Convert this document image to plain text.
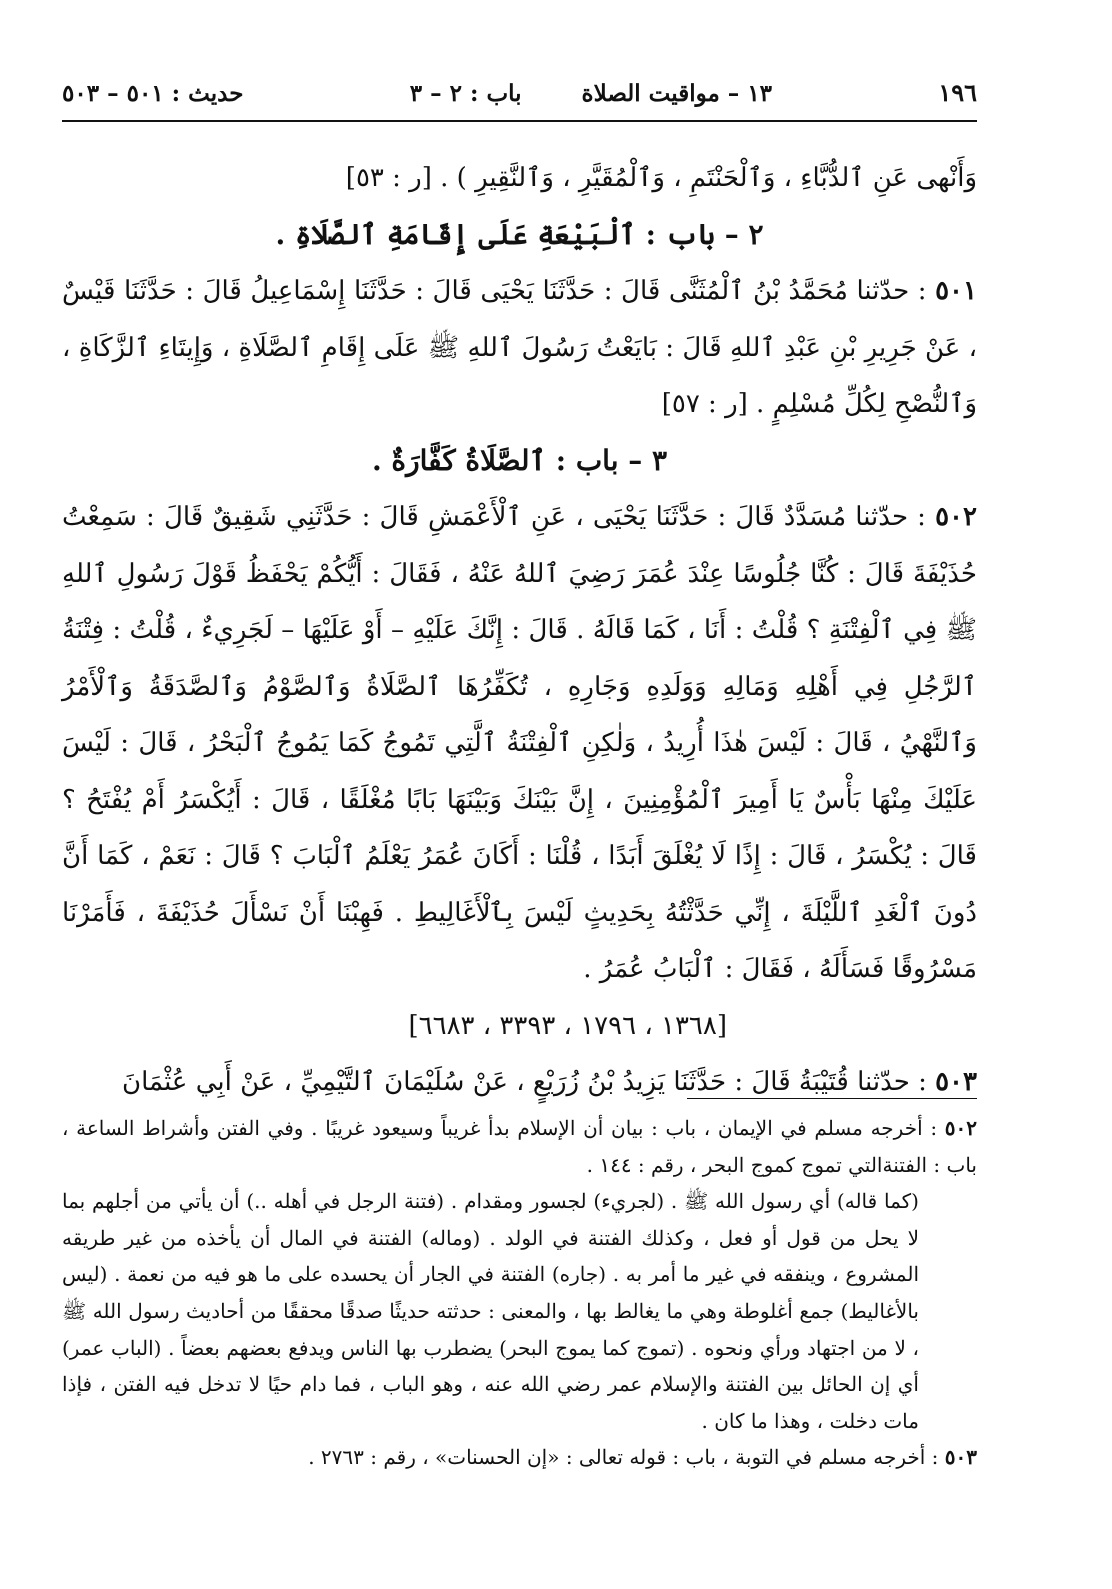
١٩٦
١٣ – مواقيت الصلاة
باب : ٢ – ٣
حديث : ٥٠١ – ٥٠٣

وَأَنْهى عَنِ ٱلدُّبَّاءِ ، وَٱلْحَنْتَمِ ، وَٱلْمُقَيَّرِ ، وَٱلنَّقِيرِ ) . [ر : ٥٣]

٢ – باب : ٱلْبَيْعَةِ عَلَى إِقَامَةِ ٱلصَّلَاةِ .

٥٠١ : حدّثنا مُحَمَّدُ بْنُ ٱلْمُثَنَّى قَالَ : حَدَّثَنَا يَحْيَى قَالَ : حَدَّثَنَا إِسْمَاعِيلُ قَالَ : حَدَّثَنَا قَيْسٌ ، عَنْ جَرِيرِ بْنِ عَبْدِ ٱللهِ قَالَ : بَايَعْتُ رَسُولَ ٱللهِ ﷺ عَلَى إِقَامِ ٱلصَّلَاةِ ، وَإِيتَاءِ ٱلزَّكَاةِ ، وَٱلنُّصْحِ لِكُلِّ مُسْلِمٍ . [ر : ٥٧]

٣ – باب : ٱلصَّلَاةُ كَفَّارَةٌ .

٥٠٢ : حدّثنا مُسَدَّدٌ قَالَ : حَدَّثَنَا يَحْيَى ، عَنِ ٱلْأَعْمَشِ قَالَ : حَدَّثَنِي شَقِيقٌ قَالَ : سَمِعْتُ حُذَيْفَةَ قَالَ : كُنَّا جُلُوسًا عِنْدَ عُمَرَ رَضِيَ ٱللهُ عَنْهُ ، فَقَالَ : أَيُّكُمْ يَحْفَظُ قَوْلَ رَسُولِ ٱللهِ ﷺ فِي ٱلْفِتْنَةِ ؟ قُلْتُ : أَنَا ، كَمَا قَالَهُ . قَالَ : إِنَّكَ عَلَيْهِ – أَوْ عَلَيْهَا – لَجَرِيءٌ ، قُلْتُ : فِتْنَةُ ٱلرَّجُلِ فِي أَهْلِهِ وَمَالِهِ وَوَلَدِهِ وَجَارِهِ ، تُكَفِّرُهَا ٱلصَّلَاةُ وَٱلصَّوْمُ وَٱلصَّدَقَةُ وَٱلْأَمْرُ وَٱلنَّهْيُ ، قَالَ : لَيْسَ هٰذَا أُرِيدُ ، وَلٰكِنِ ٱلْفِتْنَةُ ٱلَّتِي تَمُوجُ كَمَا يَمُوجُ ٱلْبَحْرُ ، قَالَ : لَيْسَ عَلَيْكَ مِنْهَا بَأْسٌ يَا أَمِيرَ ٱلْمُؤْمِنِينَ ، إِنَّ بَيْنَكَ وَبَيْنَهَا بَابًا مُغْلَقًا ، قَالَ : أَيُكْسَرُ أَمْ يُفْتَحُ ؟ قَالَ : يُكْسَرُ ، قَالَ : إِذًا لَا يُغْلَقَ أَبَدًا ، قُلْنَا : أَكَانَ عُمَرُ يَعْلَمُ ٱلْبَابَ ؟ قَالَ : نَعَمْ ، كَمَا أَنَّ دُونَ ٱلْغَدِ ٱللَّيْلَةَ ، إِنِّي حَدَّثْتُهُ بِحَدِيثٍ لَيْسَ بِٱلْأَغَالِيطِ . فَهِبْنَا أَنْ نَسْأَلَ حُذَيْفَةَ ، فَأَمَرْنَا مَسْرُوقًا فَسَأَلَهُ ، فَقَالَ : ٱلْبَابُ عُمَرُ .

[١٣٦٨ ، ١٧٩٦ ، ٣٣٩٣ ، ٦٦٨٣]

٥٠٣ : حدّثنا قُتَيْبَةُ قَالَ : حَدَّثَنَا يَزِيدُ بْنُ زُرَيْعٍ ، عَنْ سُلَيْمَانَ ٱلتَّيْمِيِّ ، عَنْ أَبِي عُثْمَانَ

٥٠٢ : أخرجه مسلم في الإيمان ، باب : بيان أن الإسلام بدأ غريباً وسيعود غريبًا . وفي الفتن وأشراط الساعة ، باب : الفتنةالتي تموج كموج البحر ، رقم : ١٤٤ .

(كما قاله) أي رسول الله ﷺ . (لجريء) لجسور ومقدام . (فتنة الرجل في أهله ..) أن يأتي من أجلهم بما لا يحل من قول أو فعل ، وكذلك الفتنة في الولد . (وماله) الفتنة في المال أن يأخذه من غير طريقه المشروع ، وينفقه في غير ما أمر به . (جاره) الفتنة في الجار أن يحسده على ما هو فيه من نعمة . (ليس بالأغاليط) جمع أغلوطة وهي ما يغالط بها ، والمعنى : حدثته حديثًا صدقًا محققًا من أحاديث رسول الله ﷺ ، لا من اجتهاد ورأي ونحوه . (تموج كما يموج البحر) يضطرب بها الناس ويدفع بعضهم بعضاً . (الباب عمر) أي إن الحائل بين الفتنة والإسلام عمر رضي الله عنه ، وهو الباب ، فما دام حيًا لا تدخل فيه الفتن ، فإذا مات دخلت ، وهذا ما كان .

٥٠٣ : أخرجه مسلم في التوبة ، باب : قوله تعالى : «إن الحسنات» ، رقم : ٢٧٦٣ .
